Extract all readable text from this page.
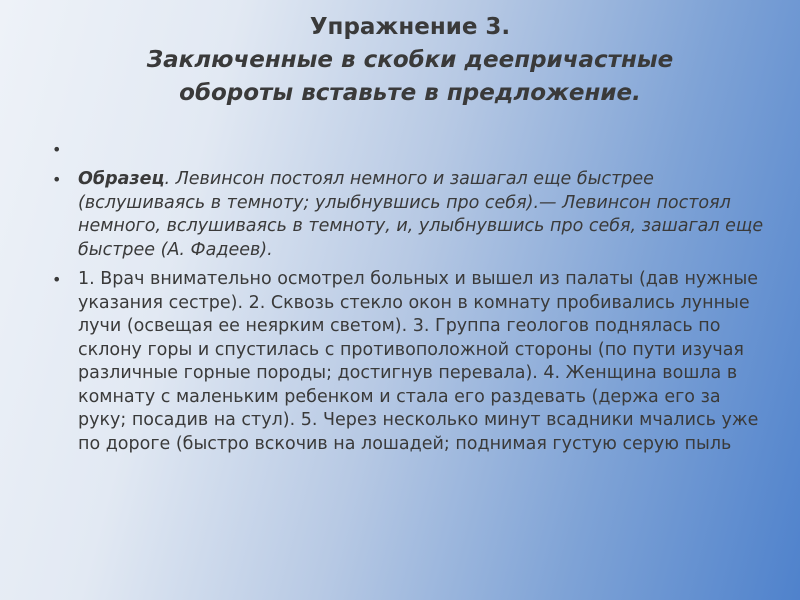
Упражнение 3.
Заключенные в скобки деепричастные
обороты вставьте в предложение.
•
• Образец. Левинсон постоял немного и зашагал еще быстрее (вслушиваясь в темноту; улыбнувшись про себя).— Левинсон постоял немного, вслушиваясь в темноту, и, улыбнувшись про себя, зашагал еще быстрее (А. Фадеев).
• 1. Врач внимательно осмотрел больных и вышел из палаты (дав нужные указания сестре). 2. Сквозь стекло окон в комнату пробивались лунные лучи (освещая ее неярким светом). 3. Группа геологов поднялась по склону горы и спустилась с противоположной стороны (по пути изучая различные горные породы; достигнув перевала). 4. Женщина вошла в комнату с маленьким ребенком и стала его раздевать (держа его за руку; посадив на стул). 5. Через несколько минут всадники мчались уже по дороге (быстро вскочив на лошадей; поднимая густую серую пыль
